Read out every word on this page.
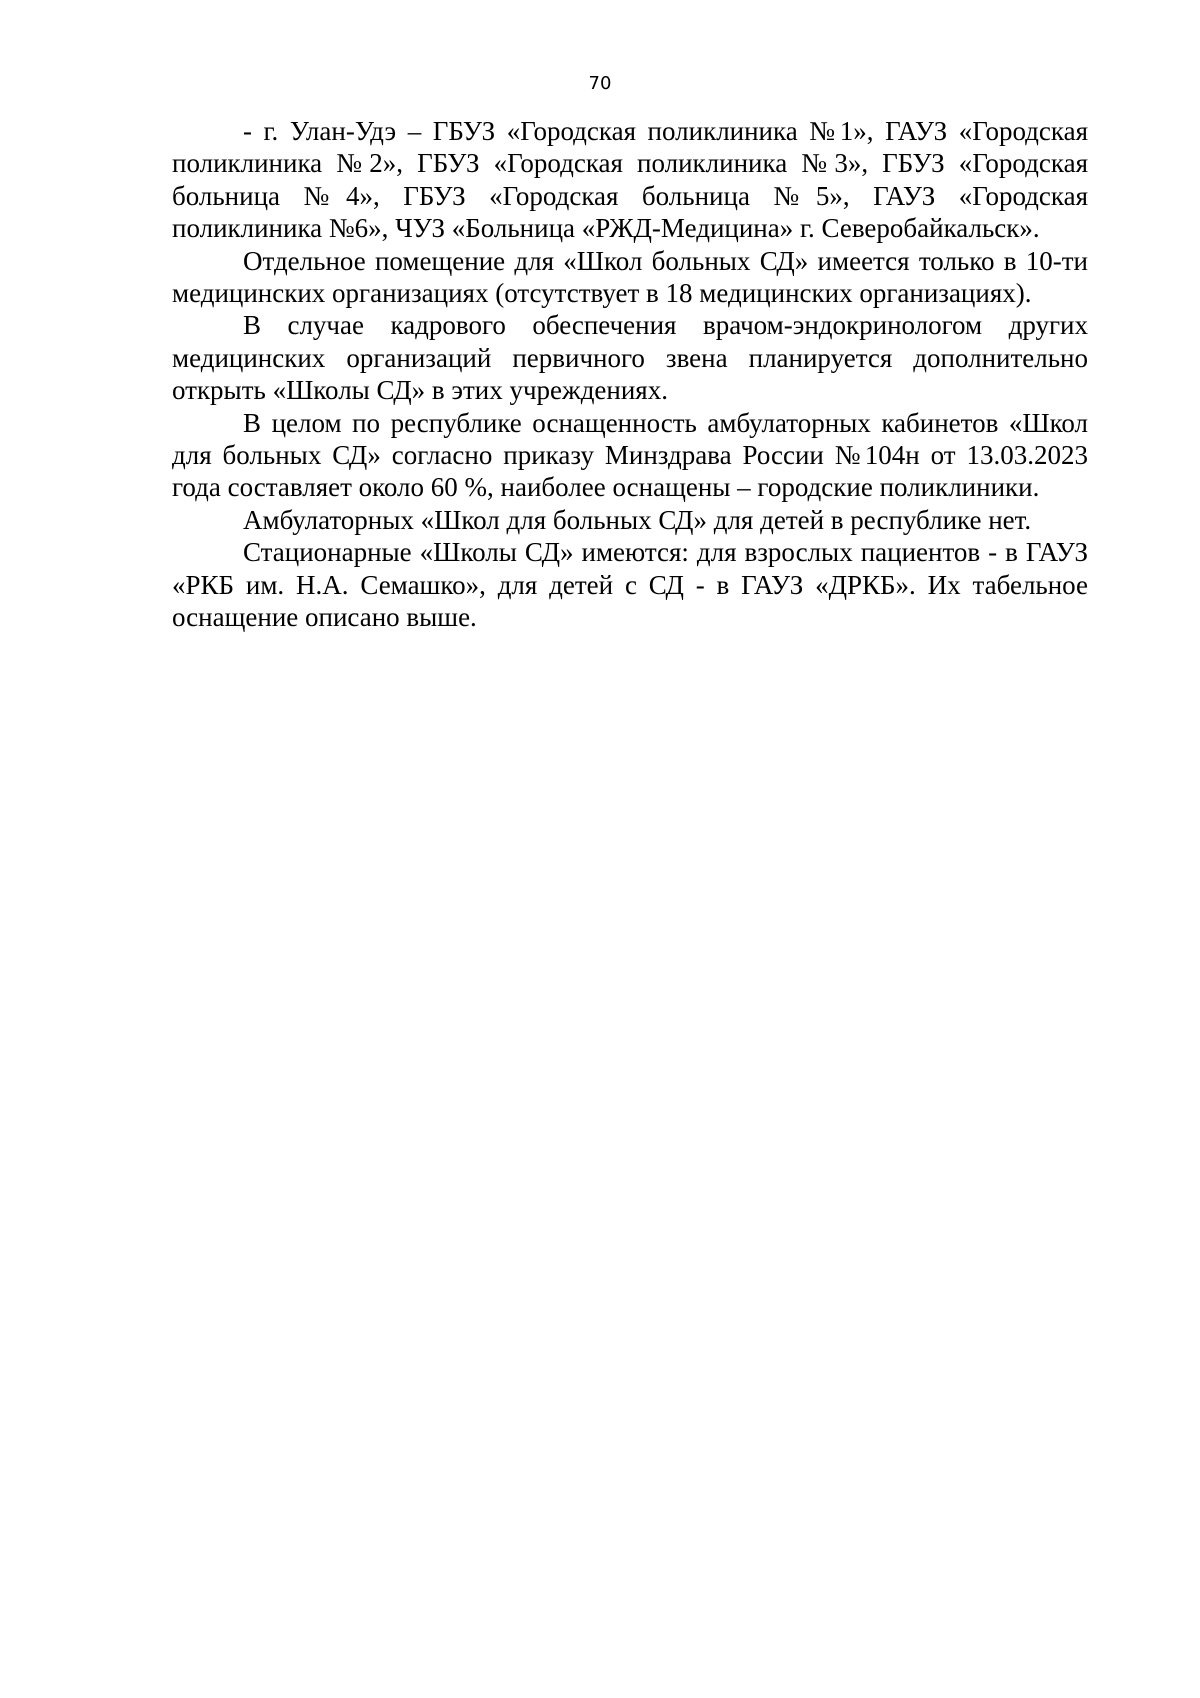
70

- г. Улан-Удэ – ГБУЗ «Городская поликлиника №1», ГАУЗ «Городская поликлиника №2», ГБУЗ «Городская поликлиника №3», ГБУЗ «Городская больница №4», ГБУЗ «Городская больница №5», ГАУЗ «Городская поликлиника №6», ЧУЗ «Больница «РЖД-Медицина» г. Северобайкальск».

Отдельное помещение для «Школ больных СД» имеется только в 10-ти медицинских организациях (отсутствует в 18 медицинских организациях).

В случае кадрового обеспечения врачом-эндокринологом других медицинских организаций первичного звена планируется дополнительно открыть «Школы СД» в этих учреждениях.

В целом по республике оснащенность амбулаторных кабинетов «Школ для больных СД» согласно приказу Минздрава России №104н от 13.03.2023 года составляет около 60 %, наиболее оснащены – городские поликлиники.

Амбулаторных «Школ для больных СД» для детей в республике нет.

Стационарные «Школы СД» имеются: для взрослых пациентов - в ГАУЗ «РКБ им. Н.А. Семашко», для детей с СД - в ГАУЗ «ДРКБ». Их табельное оснащение описано выше.
